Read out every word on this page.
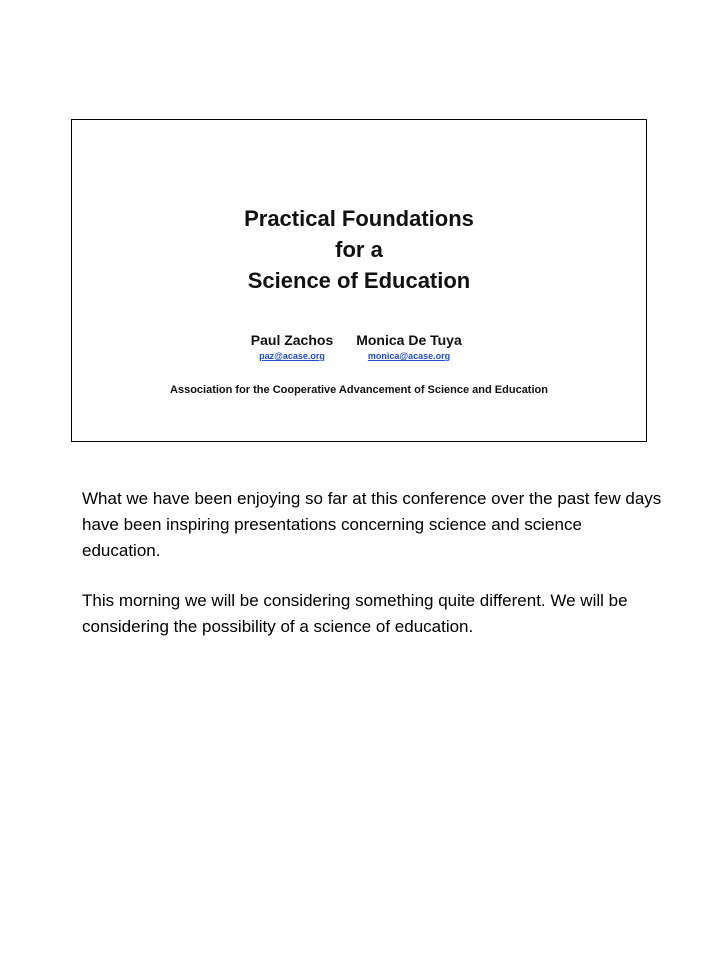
Practical Foundations
for a
Science of Education
Paul Zachos
paz@acase.org
Monica De Tuya
monica@acase.org
Association for the Cooperative Advancement of Science and Education

What we have been enjoying so far at this conference over the past few days have been inspiring presentations concerning science and science education.

This morning we will be considering something quite different. We will be considering the possibility of a science of education.
